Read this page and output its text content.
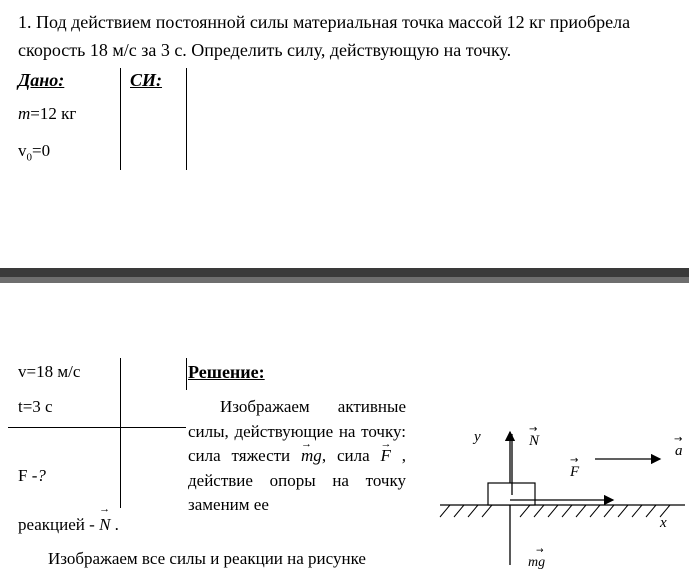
1. Под действием постоянной силы материальная точка массой 12 кг приобрела скорость 18 м/с за 3 с. Определить силу, действующую на точку.
Дано:	СИ:
m=12 кг
$v_0=0$
v=18 м/с
t=3 с
F -?
Решение:
Изображаем активные силы, действующие на точку: сила тяжести → mg, сила → F , действие опоры на точку заменим ее
реакцией - → N .
Изображаем все силы и реакции на рисунке
y	N
→
F
→
a
→
x
mg
→
